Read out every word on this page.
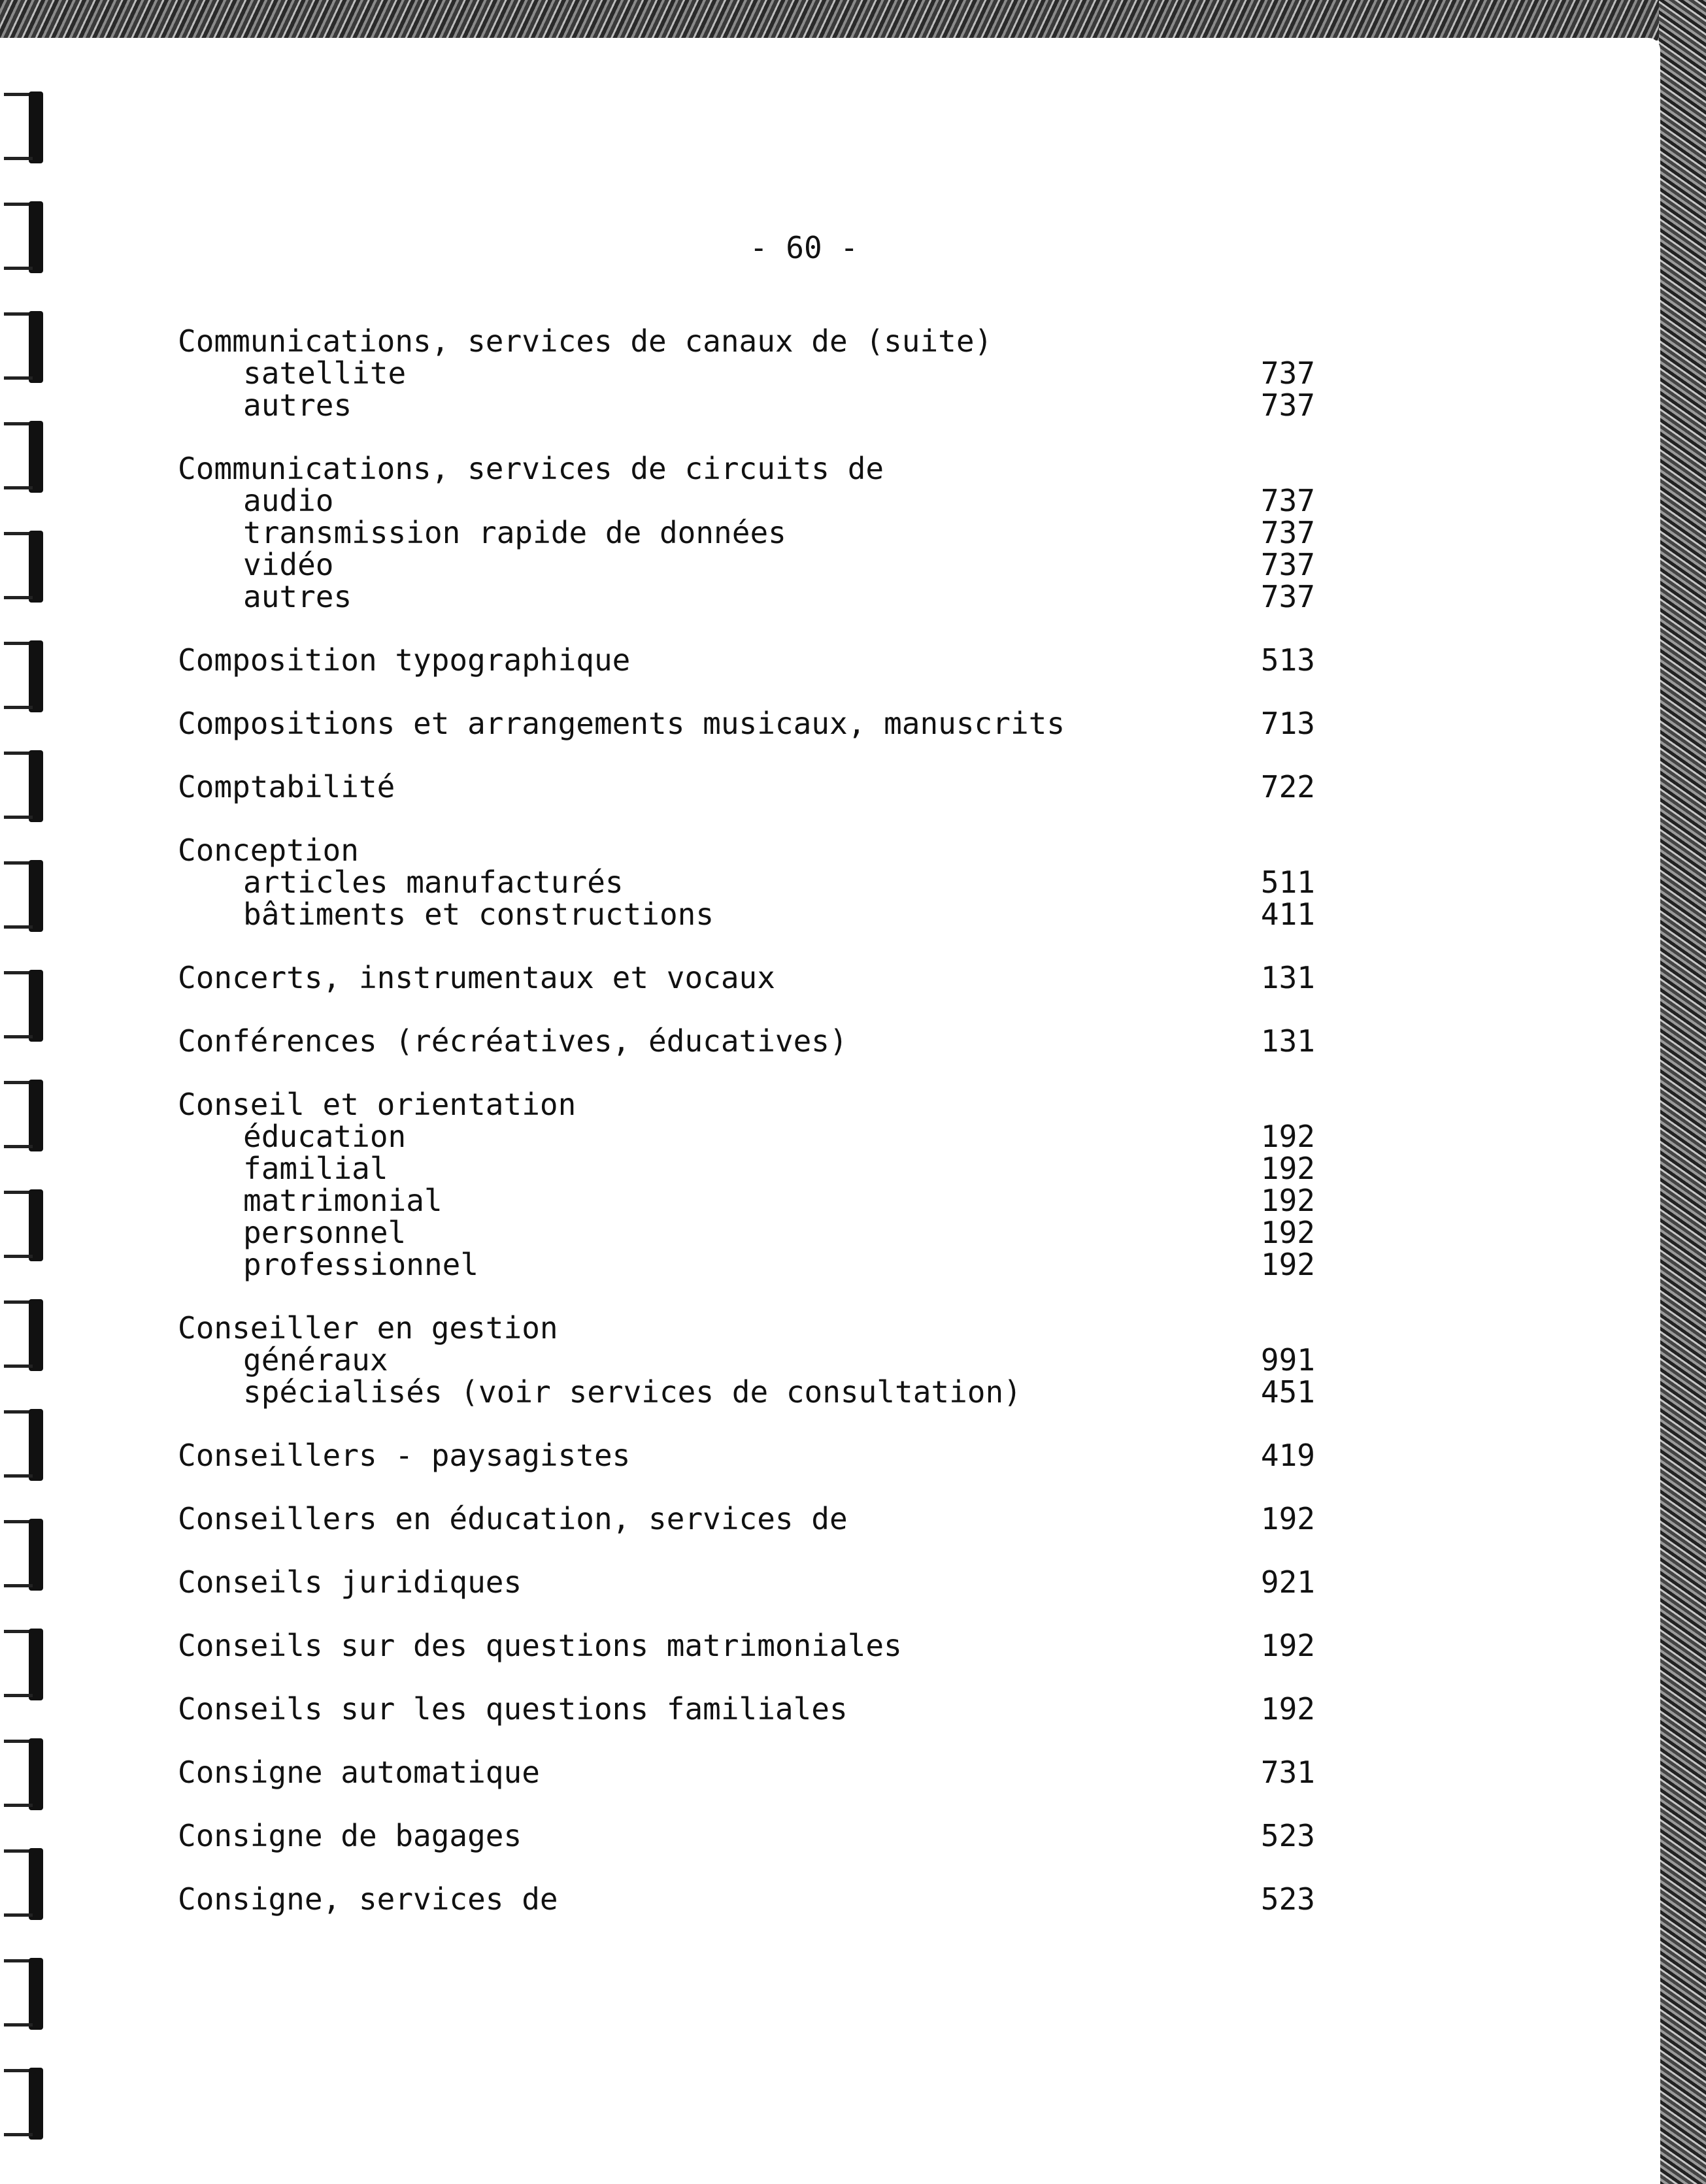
- 60 -
Communications, services de canaux de (suite)
satellite	737
autres	737
Communications, services de circuits de
audio	737
transmission rapide de données	737
vidéo	737
autres	737
Composition typographique	513
Compositions et arrangements musicaux, manuscrits	713
Comptabilité	722
Conception
articles manufacturés	511
bâtiments et constructions	411
Concerts, instrumentaux et vocaux	131
Conférences (récréatives, éducatives)	131
Conseil et orientation
éducation	192
familial	192
matrimonial	192
personnel	192
professionnel	192
Conseiller en gestion
généraux	991
spécialisés (voir services de consultation)	451
Conseillers - paysagistes	419
Conseillers en éducation, services de	192
Conseils juridiques	921
Conseils sur des questions matrimoniales	192
Conseils sur les questions familiales	192
Consigne automatique	731
Consigne de bagages	523
Consigne, services de	523
